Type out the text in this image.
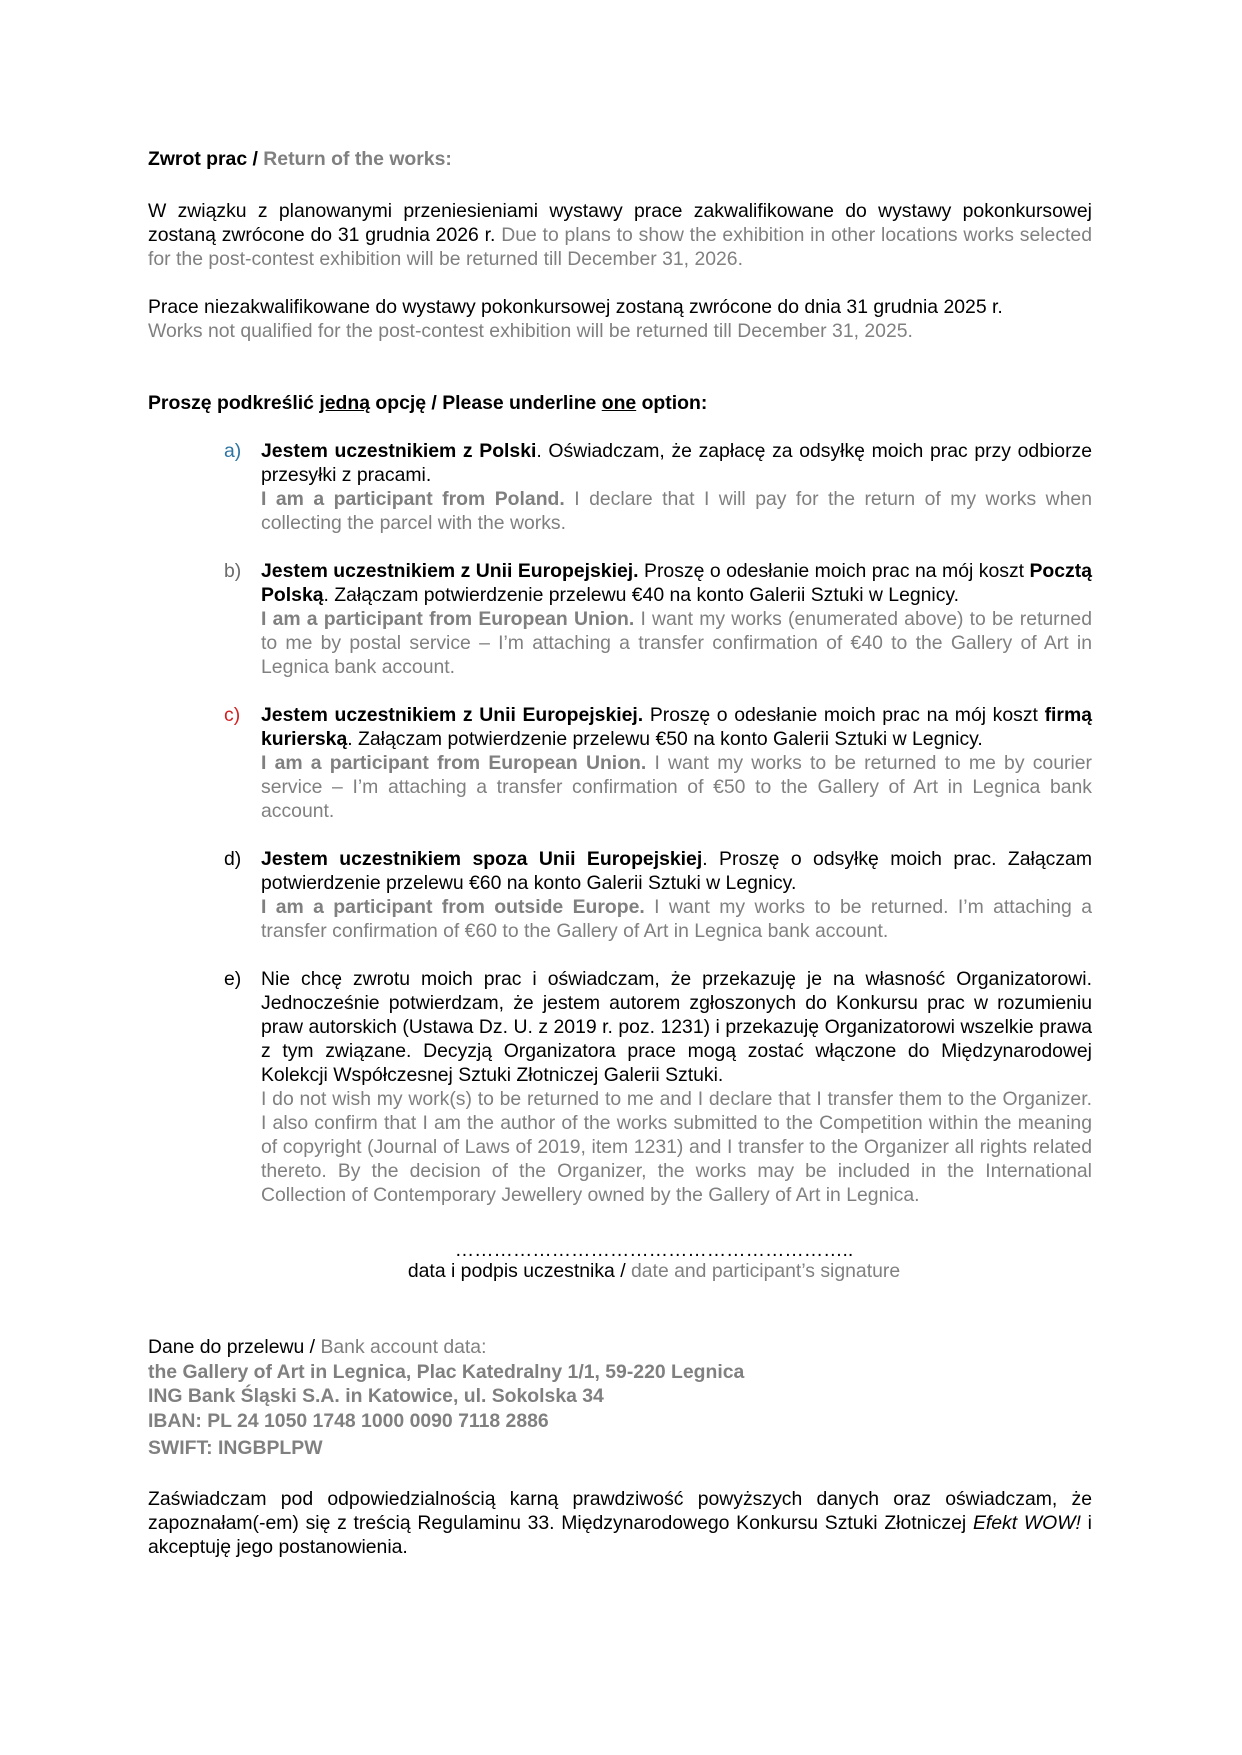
Zwrot prac / Return of the works:

W związku z planowanymi przeniesieniami wystawy prace zakwalifikowane do wystawy pokonkursowej zostaną zwrócone do 31 grudnia 2026 r. Due to plans to show the exhibition in other locations works selected for the post-contest exhibition will be returned till December 31, 2026.

Prace niezakwalifikowane do wystawy pokonkursowej zostaną zwrócone do dnia 31 grudnia 2025 r.
Works not qualified for the post-contest exhibition will be returned till December 31, 2025.

Proszę podkreślić jedną opcję / Please underline one option:

a) Jestem uczestnikiem z Polski. Oświadczam, że zapłacę za odsyłkę moich prac przy odbiorze przesyłki z pracami.
I am a participant from Poland. I declare that I will pay for the return of my works when collecting the parcel with the works.
b) Jestem uczestnikiem z Unii Europejskiej. Proszę o odesłanie moich prac na mój koszt Pocztą Polską. Załączam potwierdzenie przelewu €40 na konto Galerii Sztuki w Legnicy.
I am a participant from European Union. I want my works (enumerated above) to be returned to me by postal service – I’m attaching a transfer confirmation of €40 to the Gallery of Art in Legnica bank account.
c) Jestem uczestnikiem z Unii Europejskiej. Proszę o odesłanie moich prac na mój koszt firmą kurierską. Załączam potwierdzenie przelewu €50 na konto Galerii Sztuki w Legnicy.
I am a participant from European Union. I want my works to be returned to me by courier service – I’m attaching a transfer confirmation of €50 to the Gallery of Art in Legnica bank account.
d) Jestem uczestnikiem spoza Unii Europejskiej. Proszę o odsyłkę moich prac. Załączam potwierdzenie przelewu €60 na konto Galerii Sztuki w Legnicy.
I am a participant from outside Europe. I want my works to be returned. I’m attaching a transfer confirmation of €60 to the Gallery of Art in Legnica bank account.
e) Nie chcę zwrotu moich prac i oświadczam, że przekazuję je na własność Organizatorowi. Jednocześnie potwierdzam, że jestem autorem zgłoszonych do Konkursu prac w rozumieniu praw autorskich (Ustawa Dz. U. z 2019 r. poz. 1231) i przekazuję Organizatorowi wszelkie prawa z tym związane. Decyzją Organizatora prace mogą zostać włączone do Międzynarodowej Kolekcji Współczesnej Sztuki Złotniczej Galerii Sztuki.
I do not wish my work(s) to be returned to me and I declare that I transfer them to the Organizer. I also confirm that I am the author of the works submitted to the Competition within the meaning of copyright (Journal of Laws of 2019, item 1231) and I transfer to the Organizer all rights related thereto. By the decision of the Organizer, the works may be included in the International Collection of Contemporary Jewellery owned by the Gallery of Art in Legnica.
……………………………………………………..
data i podpis uczestnika / date and participant’s signature
Dane do przelewu / Bank account data:
the Gallery of Art in Legnica, Plac Katedralny 1/1, 59-220 Legnica
ING Bank Śląski S.A. in Katowice, ul. Sokolska 34
IBAN: PL 24 1050 1748 1000 0090 7118 2886
SWIFT: INGBPLPW

Zaświadczam pod odpowiedzialnością karną prawdziwość powyższych danych oraz oświadczam, że zapoznałam(-em) się z treścią Regulaminu 33. Międzynarodowego Konkursu Sztuki Złotniczej Efekt WOW! i akceptuję jego postanowienia.
